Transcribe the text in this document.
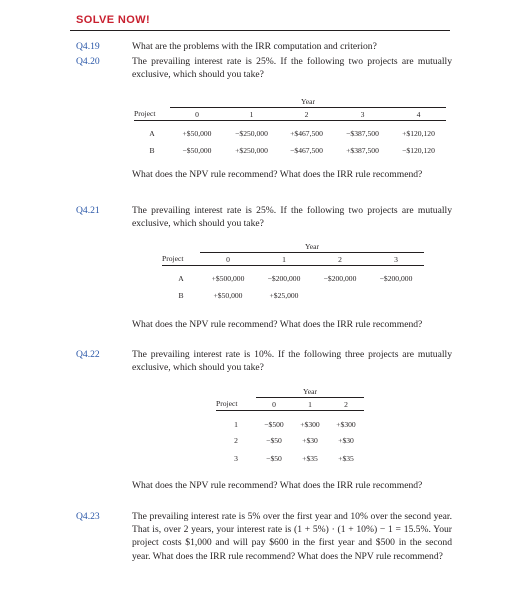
SOLVE NOW!
Q4.19	What are the problems with the IRR computation and criterion?
Q4.20	The prevailing interest rate is 25%. If the following two projects are mutually exclusive, which should you take?
	Year				
Project	0	1	2	3	4
A	+$50,000	−$250,000	+$467,500	−$387,500	+$120,120
B	−$50,000	+$250,000	−$467,500	+$387,500	−$120,120
What does the NPV rule recommend? What does the IRR rule recommend?
Q4.21	The prevailing interest rate is 25%. If the following two projects are mutually exclusive, which should you take?
	Year			
Project	0	1	2	3
A	+$500,000	−$200,000	−$200,000	−$200,000
B	+$50,000	+$25,000		
What does the NPV rule recommend? What does the IRR rule recommend?
Q4.22	The prevailing interest rate is 10%. If the following three projects are mutually exclusive, which should you take?
	Year		
Project	0	1	2
1	−$500	+$300	+$300
2	−$50	+$30	+$30
3	−$50	+$35	+$35
What does the NPV rule recommend? What does the IRR rule recommend?
Q4.23	The prevailing interest rate is 5% over the first year and 10% over the second year. That is, over 2 years, your interest rate is (1 + 5%) · (1 + 10%) − 1 = 15.5%. Your project costs $1,000 and will pay $600 in the first year and $500 in the second year. What does the IRR rule recommend? What does the NPV rule recommend?
